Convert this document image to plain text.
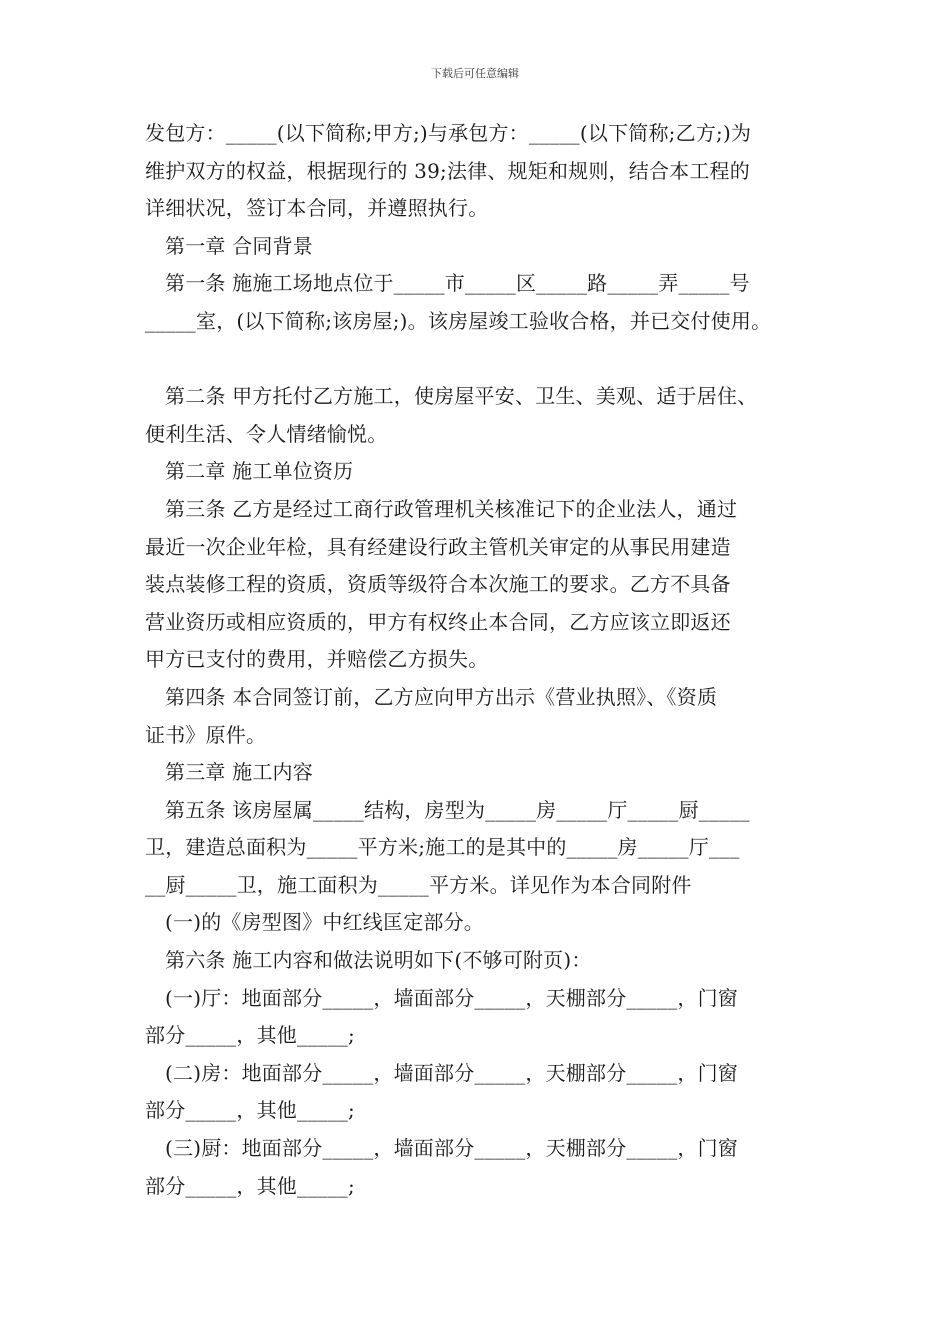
下载后可任意编辑
发包方：_____(以下简称;甲方;)与承包方：_____(以下简称;乙方;)为
维护双方的权益，根据现行的 39;法律、规矩和规则，结合本工程的
详细状况，签订本合同，并遵照执行。
第一章 合同背景
第一条 施施工场地点位于_____市_____区_____路_____弄_____号
_____室，(以下简称;该房屋;)。该房屋竣工验收合格，并已交付使用。
第二条 甲方托付乙方施工，使房屋平安、卫生、美观、适于居住、
便利生活、令人情绪愉悦。
第二章 施工单位资历
第三条 乙方是经过工商行政管理机关核准记下的企业法人，通过
最近一次企业年检，具有经建设行政主管机关审定的从事民用建造
装点装修工程的资质，资质等级符合本次施工的要求。乙方不具备
营业资历或相应资质的，甲方有权终止本合同，乙方应该立即返还
甲方已支付的费用，并赔偿乙方损失。
第四条 本合同签订前，乙方应向甲方出示《营业执照》、《资质
证书》原件。
第三章 施工内容
第五条 该房屋属_____结构，房型为_____房_____厅_____厨_____
卫，建造总面积为_____平方米;施工的是其中的_____房_____厅___
__厨_____卫，施工面积为_____平方米。详见作为本合同附件
(一)的《房型图》中红线匡定部分。
第六条 施工内容和做法说明如下(不够可附页)：
(一)厅：地面部分_____，墙面部分_____，天棚部分_____，门窗
部分_____，其他_____;
(二)房：地面部分_____，墙面部分_____，天棚部分_____，门窗
部分_____，其他_____;
(三)厨：地面部分_____，墙面部分_____，天棚部分_____，门窗
部分_____，其他_____;
